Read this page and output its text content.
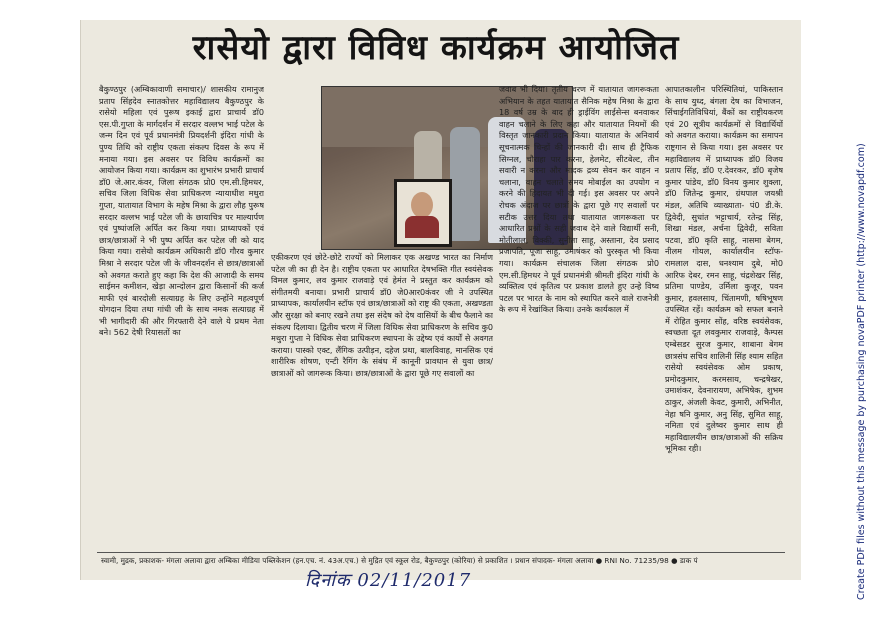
रासेयो द्वारा विविध कार्यक्रम आयोजित

बैकुण्ठपुर (अम्बिकावाणी समाचार)/ शासकीय रामानुज प्रताप सिंहदेव स्नातकोत्तर महाविद्यालय बैकुण्ठपुर के रासेयो महिला एवं पुरूष इकाई द्वारा प्राचार्य डॉ0 एस.पी.गुप्ता के मार्गदर्शन में सरदार वल्लभ भाई पटेल के जन्म दिन एवं पूर्व प्रधानमंत्री प्रियदर्शनी इंदिरा गांधी के पुण्य तिथि को राष्ट्रीय एकता संकल्प दिवस के रूप में मनाया गया। इस अवसर पर विविध कार्यक्रमों का आयोजन किया गया। कार्यक्रम का शुभारंभ प्रभारी प्राचार्य डॉ0 जे.आर.कंवर, जिला संगठक प्रो0 एम.सी.हिमधर, सचिव जिला विधिक सेवा प्राधिकरण न्यायाधीश मथुरा गुप्ता, यातायात विभाग के महेष मिश्रा के द्वारा लौह पुरूष सरदार वल्लभ भाई पटेल जी के छायाचित्र पर माल्यार्पण एवं पुष्पांजलि अर्पित कर किया गया। प्राध्यापकों एवं छात्र/छात्राओं ने भी पुष्प अर्पित कर पटेल जी को याद किया गया। रासेयो कार्यक्रम अधिकारी डॉ0 गौरव कुमार मिश्रा ने सरदार पटेल जी के जीवनदर्शन से छात्र/छात्राओं को अवगत कराते हुए कहा कि देश की आजादी के समय साईमन कमीशन, खेड़ा आन्दोलन द्वारा किसानों की कर्ज माफी एवं बारदोली सत्याग्रह के लिए उन्होंने महत्वपूर्ण योगदान दिया तथा गांधी जी के साथ नमक सत्याग्रह में भी भागीदारी की और गिरफ्तारी देने वाले ये प्रथम नेता बने। 562 देषी रियासतों का

एकीकरण एवं छोटे-छोटे राज्यों को मिलाकर एक अखण्ड भारत का निर्माण पटेल जी का ही देन है। राष्ट्रीय एकता पर आधारित देषभक्ति गीत स्वयंसेवक विमल कुमार, लव कुमार राजवाड़े एवं हेमंत ने प्रस्तुत कर कार्यक्रम को संगीतमयी बनाया। प्रभारी प्राचार्य डॉ0 जे0आर0कंवर जी ने उपस्थित प्राध्यापक, कार्यालयीन स्टॉफ एवं छात्र/छात्राओं को राष्ट्र की एकता, अखण्डता और सुरक्षा को बनाए रखने तथा इस संदेष को देष वासियों के बीच फैलाने का संकल्प दिलाया। द्वितीय चरण में जिला विधिक सेवा प्राधिकरण के सचिव कु0 मथुरा गुप्ता ने विधिक सेवा प्राधिकरण स्थापना के उद्देष्य एवं कार्यों से अवगत कराया। पास्को एक्ट, लैंगिक उत्पीड़न, दहेज प्रथा, बालविवाह, मानसिक एवं शारीरिक शोषण, एन्टी रैगिंग के संबंध में कानूनी प्रावधान से युवा छात्र/छात्राओं को जागरूक किया। छात्र/छात्राओं के द्वारा पूछे गए सवालों का

जवाब भी दिया। तृतीय चरण में यातायात जागरूकता अभियान के तहत यातायात सैनिक महेष मिश्रा के द्वारा 18 वर्ष उम्र के बाद ही ड्राईविंग लाईसेन्स बनवाकर वाहन चलाने के लिए कहा और यातायात नियमों की विस्तृत जानकारी प्रदान किया। यातायात के अनिवार्य सूचनात्मक चिन्हों की जानकारी दी। साथ ही ट्रैफिक सिग्नल, चौराहा पार करना, हेलमेट, सीटबेल्ट, तीन सवारी न करना और मादक द्रव्य सेवन कर वाहन न चलाना, वाहन चलाते समय मोबाईल का उपयोग न करने की हिदायत भी दी गई। इस अवसर पर अपने रोचक अंदाज पर छात्रों के द्वारा पूछे गए सवालों पर सटीक उत्तर दिया तथा यातायात जागरूकता पर आधारित प्रश्नों के सही जवाब देने वाले विद्यार्थी सनी, मोतीलाल, विक्की, सुनीता साहू, अस्ताना, देव प्रसाद प्रजापति, पूजा साहू, उमाषंकर को पुरस्कृत भी किया गया। कार्यक्रम संचालक जिला संगठक प्रो0 एम.सी.हिमधर ने पूर्व प्रधानमंत्री श्रीमती इंदिरा गांधी के व्यक्तित्व एवं कृतित्व पर प्रकाश डालते हुए उन्हे विष्व पटल पर भारत के नाम को स्थापित करने वाले राजनेत्री के रूप में रेखांकित किया। उनके कार्यकाल में

आपातकालीन परिस्थितियां, पाकिस्तान के साथ युध्द, बंगला देष का विभाजन, सिंचाईगतिविधियां, बैंकों का राष्ट्रीयकरण एवं 20 सूत्रीय कार्यक्रमों से विद्यार्थियों को अवगत कराया। कार्यक्रम का समापन राष्ट्रगान से किया गया। इस अवसर पर महाविद्यालय में प्राध्यापक डॉ0 विजय प्रताप सिंह, डॉ0 ए.देवरकर, डॉ0 बृजेष कुमार पांडेय, डॉ0 विनय कुमार शुक्ला, डॉ0 जितेन्द्र कुमार, ग्रंथपाल जयश्री मंडल, अतिथि व्याख्याता- पं0 डी.के. द्विवेदी, सुधांत भट्टाचार्य, रतेन्द्र सिंह, शिखा मंडल, अर्चना द्विवेदी, सविता पटवा, डॉ0 कृति साहू, नासमा बेगम, नीलम गोयल, कार्यालयीन स्टॉफ- रामलाल दास, धनश्याम दुबे, मो0 आरिफ देबर, रमन साहू, चंद्रशेखर सिंह, प्रतिमा पाण्डेय, उर्मिला कुजूर, पवन कुमार, हवलसाय, चिंतामणी, षषिभूषण उपस्थित रहें। कार्यक्रम को सफल बनाने में रोहित कुमार सोंह, वरिष्ठ स्वयंसेवक, स्वच्छता दूत लवकुमार राजवाड़े, कैम्पस एम्बेसडर सुरज कुमार, शाबाना बेगम छात्रसंघ सचिव शालिनी सिंह श्याम सहित रासेयो स्वयंसेवक ओम प्रकाष, प्रमोदकुमार, करमसाय, चन्द्रषेखर, उमाशंकर, देवनारायण, अभिषेक, शुभम ठाकुर, अंजली केवट, कुमारी, अभिनीत, नेहा षनि कुमार, अनु सिंह, सुमित साहू, नमिता एवं दुलेष्वर कुमार साथ ही महाविद्यालयीन छात्र/छात्राओं की सक्रिय भूमिका रही।

स्वामी, मुद्रक, प्रकाशक- मंगला अलावा द्वारा अम्बिका मीडिया पब्लिकेशन (हन.एच. नं. 43अ.एच.) से मुद्रित एवं स्कूल रोड, बैकुण्ठपुर (कोरिया) से प्रकाशित । प्रधान संपादक- मंगला अलावा ● RNI No. 71235/98 ● डाक पं
दिनांक 02/11/2017	Create PDF files without this message by purchasing novaPDF printer (http://www.novapdf.com)
